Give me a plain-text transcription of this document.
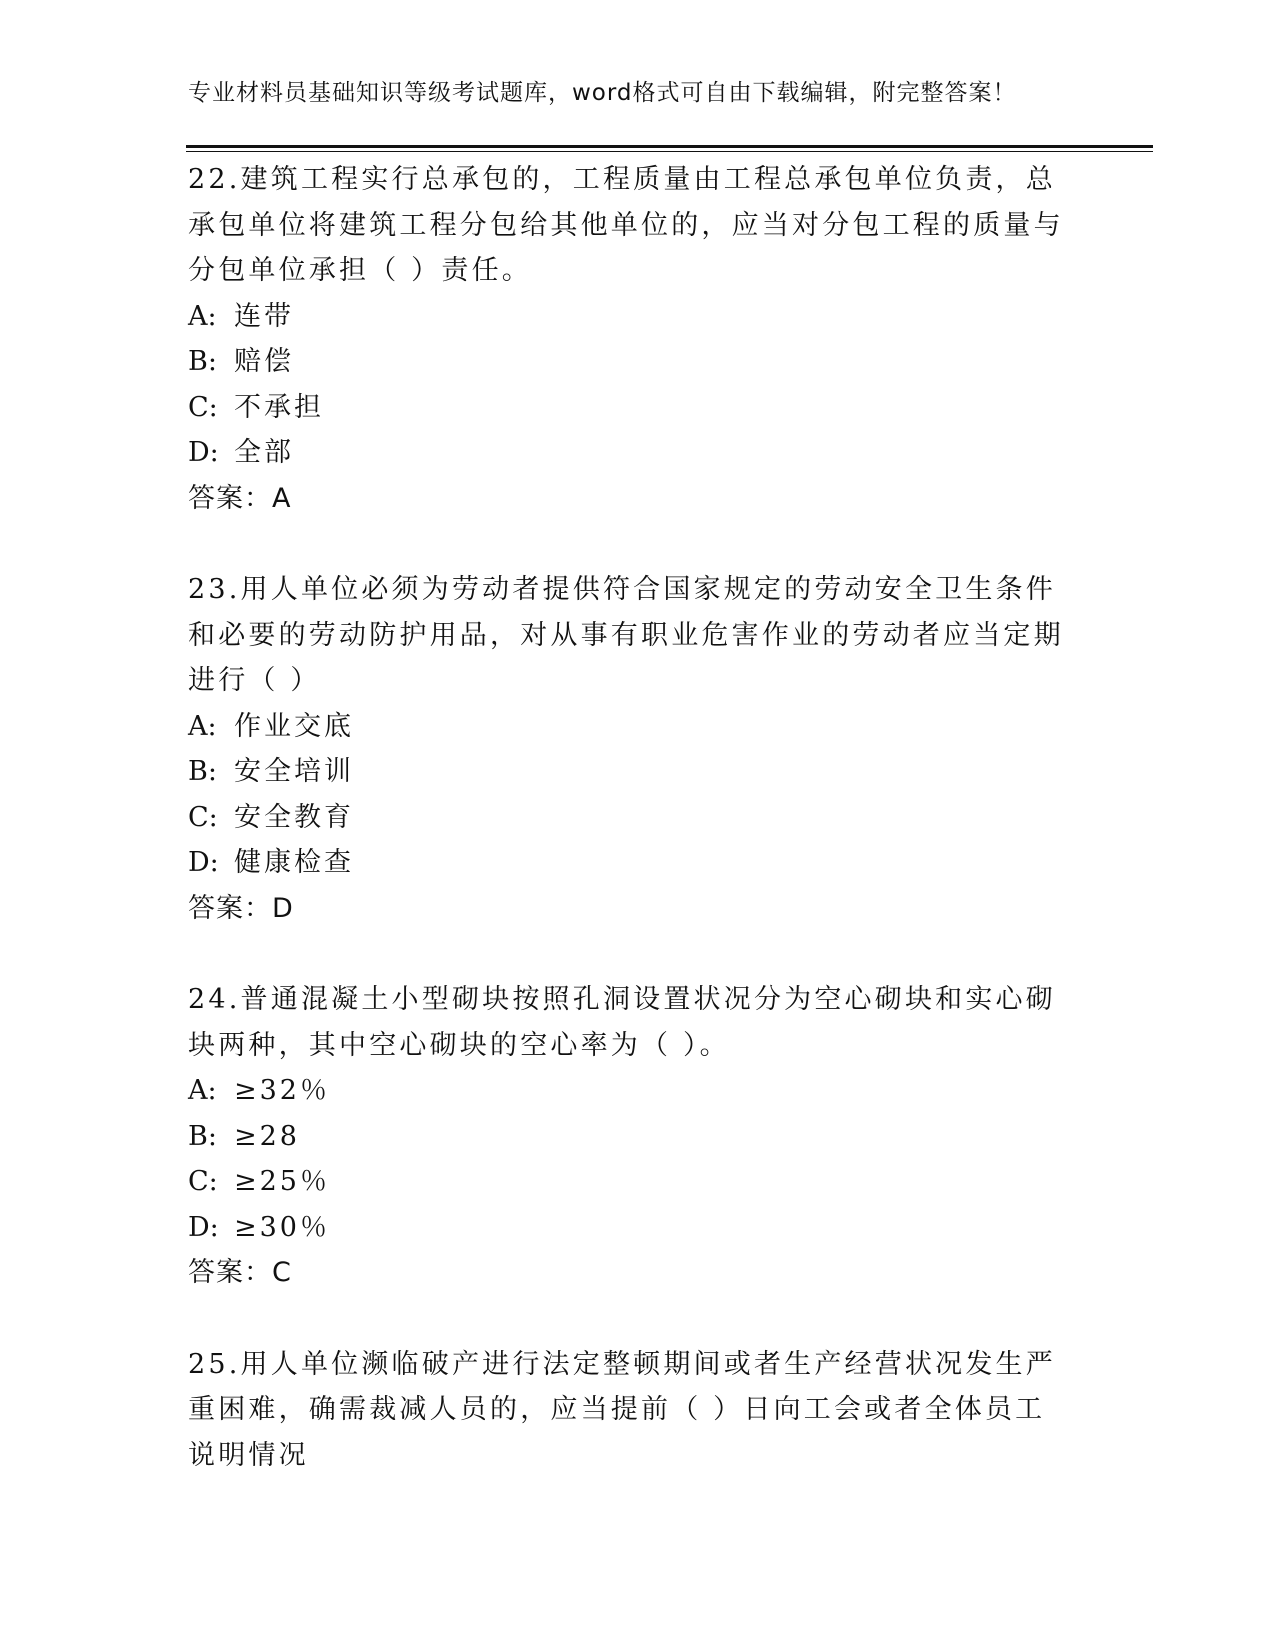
专业材料员基础知识等级考试题库，word格式可自由下载编辑，附完整答案！

22.建筑工程实行总承包的，工程质量由工程总承包单位负责，总承包单位将建筑工程分包给其他单位的，应当对分包工程的质量与分包单位承担（ ）责任。

A: 连带
B: 赔偿
C: 不承担
D: 全部
答案：A

23.用人单位必须为劳动者提供符合国家规定的劳动安全卫生条件和必要的劳动防护用品，对从事有职业危害作业的劳动者应当定期进行（ ）

A: 作业交底
B: 安全培训
C: 安全教育
D: 健康检查
答案：D

24.普通混凝土小型砌块按照孔洞设置状况分为空心砌块和实心砌块两种，其中空心砌块的空心率为（ ）。

A: ≥32％
B: ≥28
C: ≥25％
D: ≥30％
答案：C

25.用人单位濒临破产进行法定整顿期间或者生产经营状况发生严重困难，确需裁减人员的，应当提前（ ）日向工会或者全体员工说明情况
